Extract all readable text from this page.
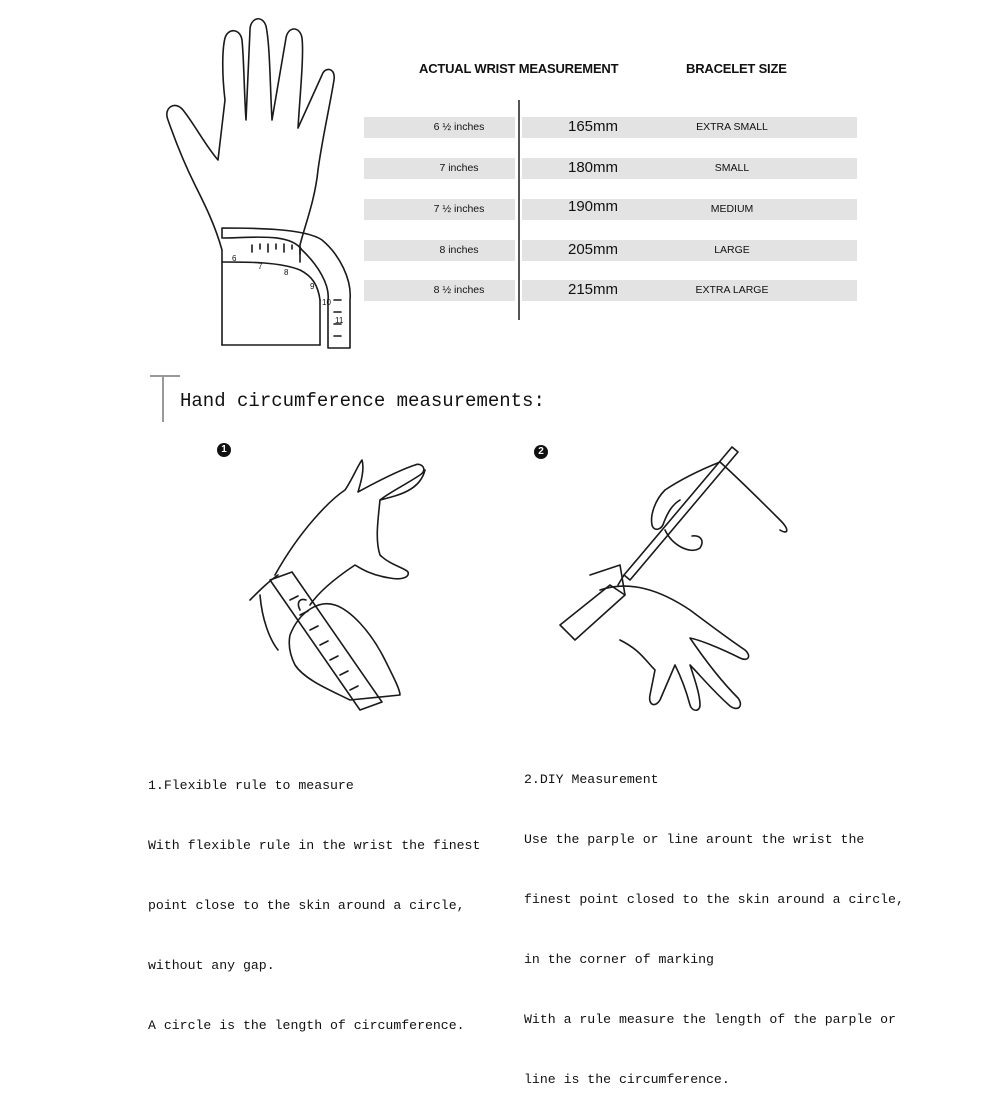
6
7
8
9
10
11
ACTUAL WRIST MEASUREMENT	BRACELET SIZE
6 ½ inches	165mm	EXTRA SMALL
7 inches	180mm	SMALL
7 ½ inches	190mm	MEDIUM
8 inches	205mm	LARGE
8 ½ inches	215mm	EXTRA LARGE
Hand circumference measurements:
1	2

1.Flexible rule to measure

With flexible rule in the wrist the finest

point close to the skin around a circle,

without any gap.

A circle is the length of circumference.

2.DIY Measurement

Use the parple or line arount the wrist the

finest point closed to the skin around a circle,

in the corner of marking

With a rule measure the length of the parple or

line is the circumference.
